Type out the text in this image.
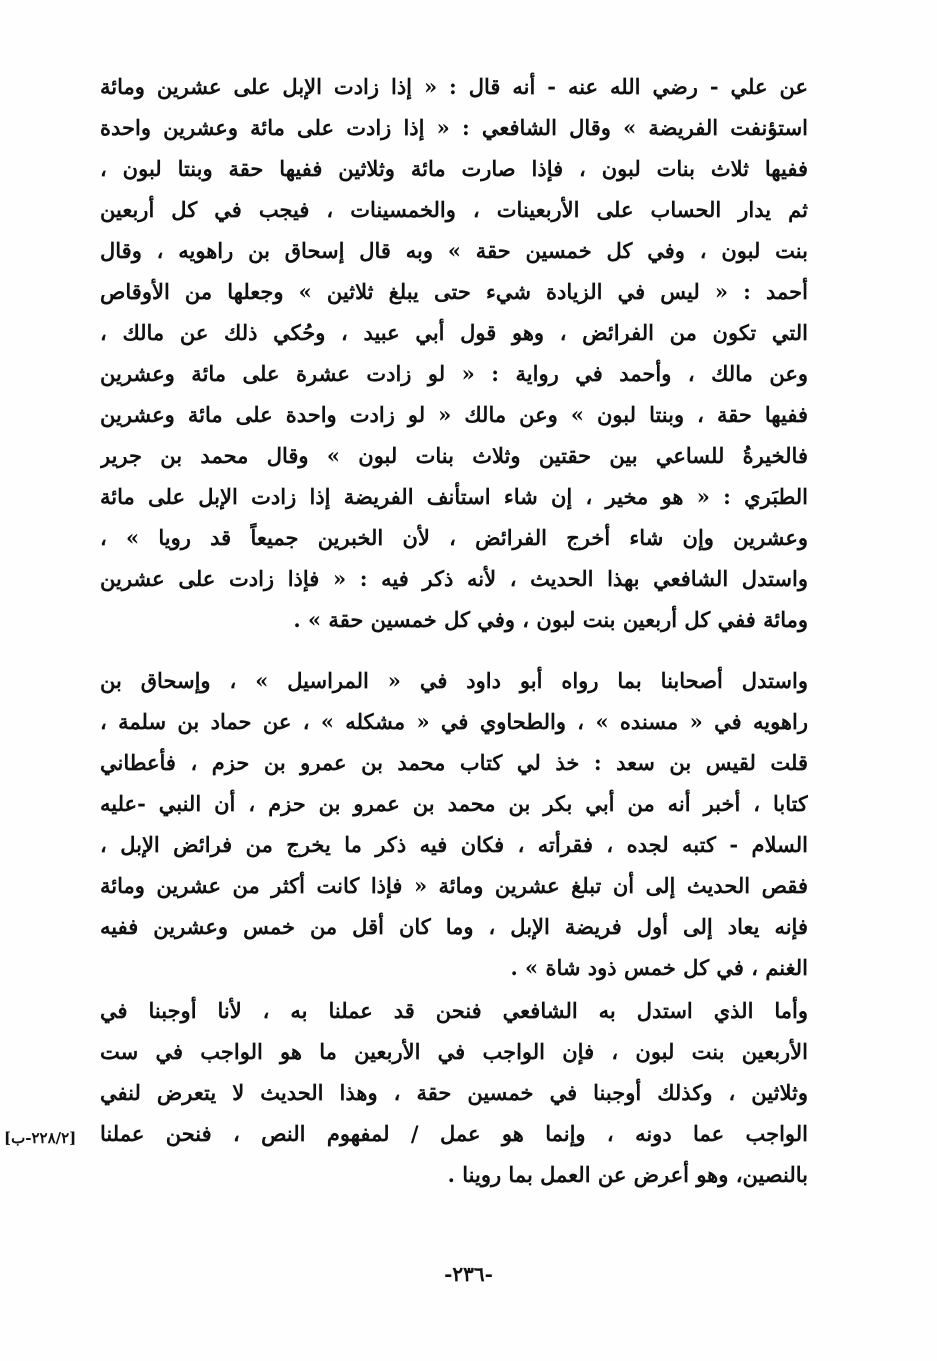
عن علي - رضي الله عنه - أنه قال : « إذا زادت الإبل على عشرين ومائة
استؤنفت الفريضة » وقال الشافعي : « إذا زادت على مائة وعشرين واحدة
ففيها ثلاث بنات لبون ، فإذا صارت مائة وثلاثين ففيها حقة وبنتا لبون ،
ثم يدار الحساب على الأربعينات ، والخمسينات ، فيجب في كل أربعين
بنت لبون ، وفي كل خمسين حقة » وبه قال إسحاق بن راهويه ، وقال
أحمد : « ليس في الزيادة شيء حتى يبلغ ثلاثين » وجعلها من الأوقاص
التي تكون من الفرائض ، وهو قول أبي عبيد ، وحُكي ذلك عن مالك ،
وعن مالك ، وأحمد في رواية : « لو زادت عشرة على مائة وعشرين
ففيها حقة ، وبنتا لبون » وعن مالك « لو زادت واحدة على مائة وعشرين
فالخيرةُ للساعي بين حقتين وثلاث بنات لبون » وقال محمد بن جرير
الطبَري : « هو مخير ، إن شاء استأنف الفريضة إذا زادت الإبل على مائة
وعشرين وإن شاء أخرج الفرائض ، لأن الخبرين جميعاً قد رويا » ،
واستدل الشافعي بهذا الحديث ، لأنه ذكر فيه : « فإذا زادت على عشرين
ومائة ففي كل أربعين بنت لبون ، وفي كل خمسين حقة » .
واستدل أصحابنا بما رواه أبو داود في « المراسيل » ، وإسحاق بن
راهويه في « مسنده » ، والطحاوي في « مشكله » ، عن حماد بن سلمة ،
قلت لقيس بن سعد : خذ لي كتاب محمد بن عمرو بن حزم ، فأعطاني
كتابا ، أخبر أنه من أبي بكر بن محمد بن عمرو بن حزم ، أن النبي -عليه
السلام - كتبه لجده ، فقرأته ، فكان فيه ذكر ما يخرج من فرائض الإبل ،
فقص الحديث إلى أن تبلغ عشرين ومائة « فإذا كانت أكثر من عشرين ومائة
فإنه يعاد إلى أول فريضة الإبل ، وما كان أقل من خمس وعشرين ففيه
الغنم ، في كل خمس ذود شاة » .
وأما الذي استدل به الشافعي فنحن قد عملنا به ، لأنا أوجبنا في
الأربعين بنت لبون ، فإن الواجب في الأربعين ما هو الواجب في ست
وثلاثين ، وكذلك أوجبنا في خمسين حقة ، وهذا الحديث لا يتعرض لنفي
الواجب عما دونه ، وإنما هو عمل / لمفهوم النص ، فنحن عملنا
بالنصين، وهو أعرض عن العمل بما روينا .
[٢٢٨/٢-ب]
-٢٣٦-
